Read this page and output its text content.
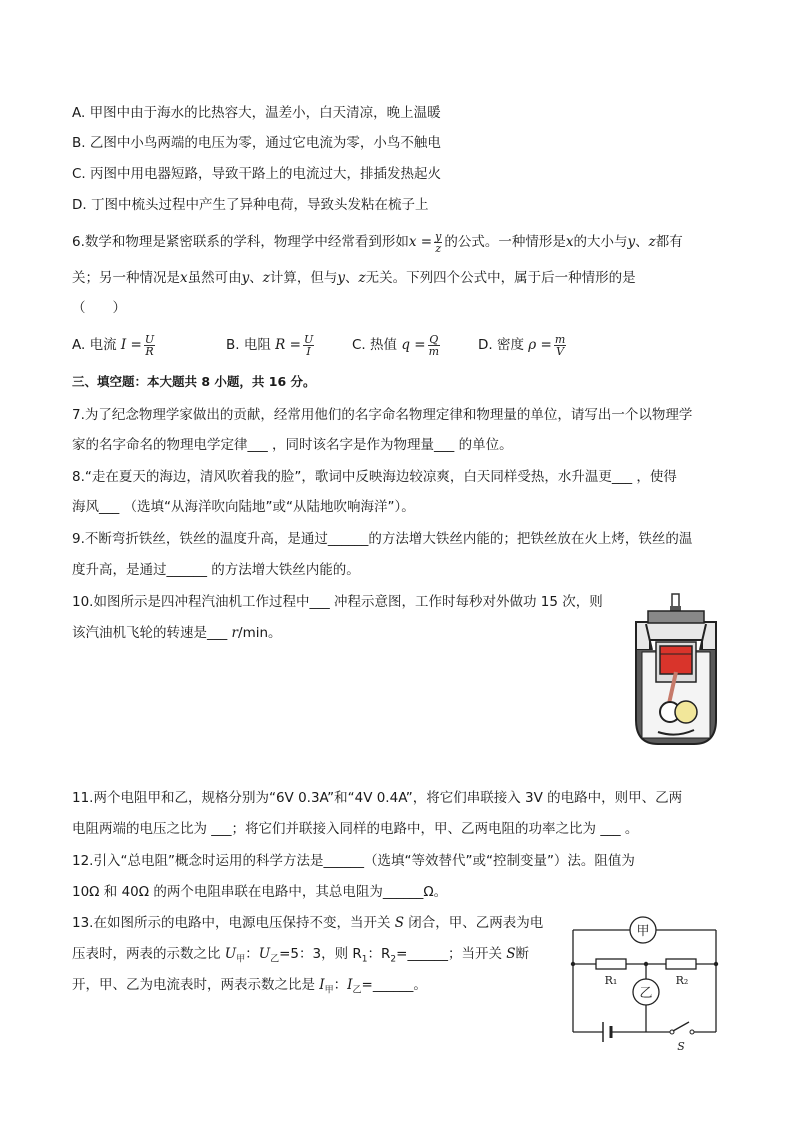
A. 甲图中由于海水的比热容大，温差小，白天清凉，晚上温暖
B. 乙图中小鸟两端的电压为零，通过它电流为零，小鸟不触电
C. 丙图中用电器短路，导致干路上的电流过大，排插发热起火
D. 丁图中梳头过程中产生了异种电荷，导致头发粘在梳子上
6.数学和物理是紧密联系的学科，物理学中经常看到形如$x = \frac{y}{z}$ 的公式。一种情形是x的大小与y、z都有
关；另一种情况是x虽然可由y、z计算，但与y、z无关。下列四个公式中，属于后一种情形的是
（　　）
A. 电流 $I = \frac{U}{R}$	B. 电阻 $R = \frac{U}{I}$	C. 热值 $q = \frac{Q}{m}$	D. 密度 $\rho = \frac{m}{V}$
三、填空题：本大题共 8 小题，共 16 分。
7.为了纪念物理学家做出的贡献，经常用他们的名字命名物理定律和物理量的单位，请写出一个以物理学
家的名字命名的物理电学定律___ ，同时该名字是作为物理量___ 的单位。
8.“走在夏天的海边，清风吹着我的脸”，歌词中反映海边较凉爽，白天同样受热，水升温更___ ，使得
海风___ （选填“从海洋吹向陆地”或“从陆地吹响海洋”）。
9.不断弯折铁丝，铁丝的温度升高，是通过______的方法增大铁丝内能的；把铁丝放在火上烤，铁丝的温
度升高，是通过______ 的方法增大铁丝内能的。
10.如图所示是四冲程汽油机工作过程中___ 冲程示意图，工作时每秒对外做功 15 次，则
该汽油机飞轮的转速是___ r/min。
11.两个电阻甲和乙，规格分别为“6V 0.3A”和“4V 0.4A”，将它们串联接入 3V 的电路中，则甲、乙两
电阻两端的电压之比为 ___；将它们并联接入同样的电路中，甲、乙两电阻的功率之比为 ___ 。
12.引入“总电阻”概念时运用的科学方法是______（选填“等效替代”或“控制变量”）法。阻值为
10Ω 和 40Ω 的两个电阻串联在电路中，其总电阻为______Ω。
13.在如图所示的电路中，电源电压保持不变，当开关 S 闭合，甲、乙两表为电
压表时，两表的示数之比 $U_甲$：$U_乙=5$：3，则 $R_1$：$R_2=\_\_\_\_\_\_$；当开关 S断
开，甲、乙为电流表时，两表示数之比是 $I_甲$：$I_乙=\_\_\_\_\_\_$。
甲
R₁	R₂
乙
S
